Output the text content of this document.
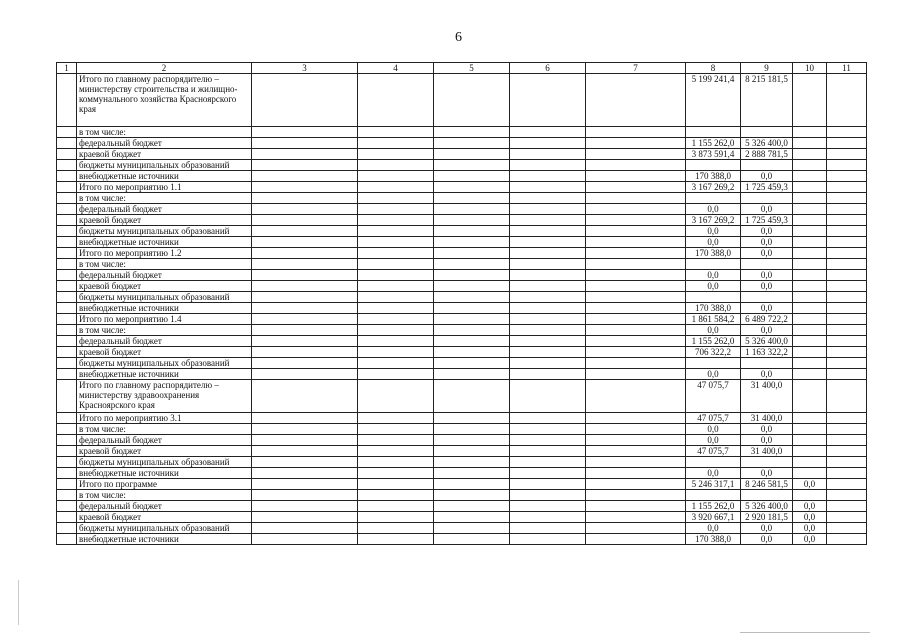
6
1	2	3	4	5	6	7	8	9	10	11
	Итого по главному распорядителю – министерству строительства и жилищно-коммунального хозяйства Красноярского края						5 199 241,4	8 215 181,5		
	в том числе:									
	федеральный бюджет						1 155 262,0	5 326 400,0		
	краевой бюджет						3 873 591,4	2 888 781,5		
	бюджеты муниципальных образований									
	внебюджетные источники						170 388,0	0,0		
	Итого по мероприятию 1.1						3 167 269,2	1 725 459,3		
	в том числе:									
	федеральный бюджет						0,0	0,0		
	краевой бюджет						3 167 269,2	1 725 459,3		
	бюджеты муниципальных образований						0,0	0,0		
	внебюджетные источники						0,0	0,0		
	Итого по мероприятию 1.2						170 388,0	0,0		
	в том числе:									
	федеральный бюджет						0,0	0,0		
	краевой бюджет						0,0	0,0		
	бюджеты муниципальных образований									
	внебюджетные источники						170 388,0	0,0		
	Итого по мероприятию 1.4						1 861 584,2	6 489 722,2		
	в том числе:						0,0	0,0		
	федеральный бюджет						1 155 262,0	5 326 400,0		
	краевой бюджет						706 322,2	1 163 322,2		
	бюджеты муниципальных образований									
	внебюджетные источники						0,0	0,0		
	Итого по главному распорядителю – министерству здравоохранения Красноярского края						47 075,7	31 400,0		
	Итого по мероприятию 3.1						47 075,7	31 400,0		
	в том числе:						0,0	0,0		
	федеральный бюджет						0,0	0,0		
	краевой бюджет						47 075,7	31 400,0		
	бюджеты муниципальных образований									
	внебюджетные источники						0,0	0,0		
	Итого по программе						5 246 317,1	8 246 581,5	0,0	
	в том числе:									
	федеральный бюджет						1 155 262,0	5 326 400,0	0,0	
	краевой бюджет						3 920 667,1	2 920 181,5	0,0	
	бюджеты муниципальных образований						0,0	0,0	0,0	
	внебюджетные источники						170 388,0	0,0	0,0	
